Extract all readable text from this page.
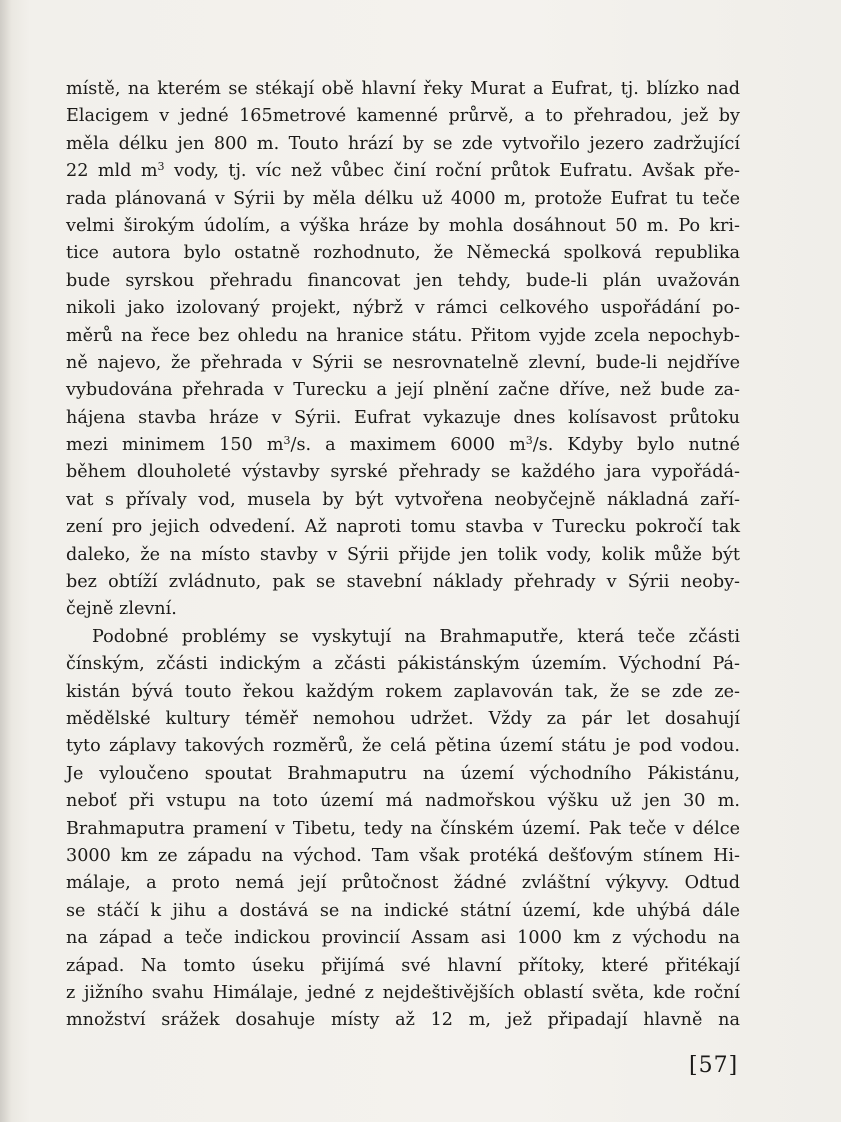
místě, na kterém se stékají obě hlavní řeky Murat a Eufrat, tj. blízko nad
Elacigem v jedné 165metrové kamenné průrvě, a to přehradou, jež by
měla délku jen 800 m. Touto hrází by se zde vytvořilo jezero zadržující
22 mld $m^3$ vody, tj. víc než vůbec činí roční průtok Eufratu. Avšak pře-
rada plánovaná v Sýrii by měla délku už 4000 m, protože Eufrat tu teče
velmi širokým údolím, a výška hráze by mohla dosáhnout 50 m. Po kri-
tice autora bylo ostatně rozhodnuto, že Německá spolková republika
bude syrskou přehradu financovat jen tehdy, bude-li plán uvažován
nikoli jako izolovaný projekt, nýbrž v rámci celkového uspořádání po-
měrů na řece bez ohledu na hranice státu. Přitom vyjde zcela nepochyb-
ně najevo, že přehrada v Sýrii se nesrovnatelně zlevní, bude-li nejdříve
vybudována přehrada v Turecku a její plnění začne dříve, než bude za-
hájena stavba hráze v Sýrii. Eufrat vykazuje dnes kolísavost průtoku
mezi minimem 150 $m^3/s$. a maximem 6000 $m^3/s$. Kdyby bylo nutné
během dlouholeté výstavby syrské přehrady se každého jara vypořádá-
vat s přívaly vod, musela by být vytvořena neobyčejně nákladná zaří-
zení pro jejich odvedení. Až naproti tomu stavba v Turecku pokročí tak
daleko, že na místo stavby v Sýrii přijde jen tolik vody, kolik může být
bez obtíží zvládnuto, pak se stavební náklady přehrady v Sýrii neoby-
čejně zlevní.
Podobné problémy se vyskytují na Brahmaputře, která teče zčásti
čínským, zčásti indickým a zčásti pákistánským územím. Východní Pá-
kistán bývá touto řekou každým rokem zaplavován tak, že se zde ze-
mědělské kultury téměř nemohou udržet. Vždy za pár let dosahují
tyto záplavy takových rozměrů, že celá pětina území státu je pod vodou.
Je vyloučeno spoutat Brahmaputru na území východního Pákistánu,
neboť při vstupu na toto území má nadmořskou výšku už jen 30 m.
Brahmaputra pramení v Tibetu, tedy na čínském území. Pak teče v délce
3000 km ze západu na východ. Tam však protéká dešťovým stínem Hi-
málaje, a proto nemá její průtočnost žádné zvláštní výkyvy. Odtud
se stáčí k jihu a dostává se na indické státní území, kde uhýbá dále
na západ a teče indickou provincií Assam asi 1000 km z východu na
západ. Na tomto úseku přijímá své hlavní přítoky, které přitékají
z jižního svahu Himálaje, jedné z nejdeštivějších oblastí světa, kde roční
množství srážek dosahuje místy až 12 m, jež připadají hlavně na
[57]
